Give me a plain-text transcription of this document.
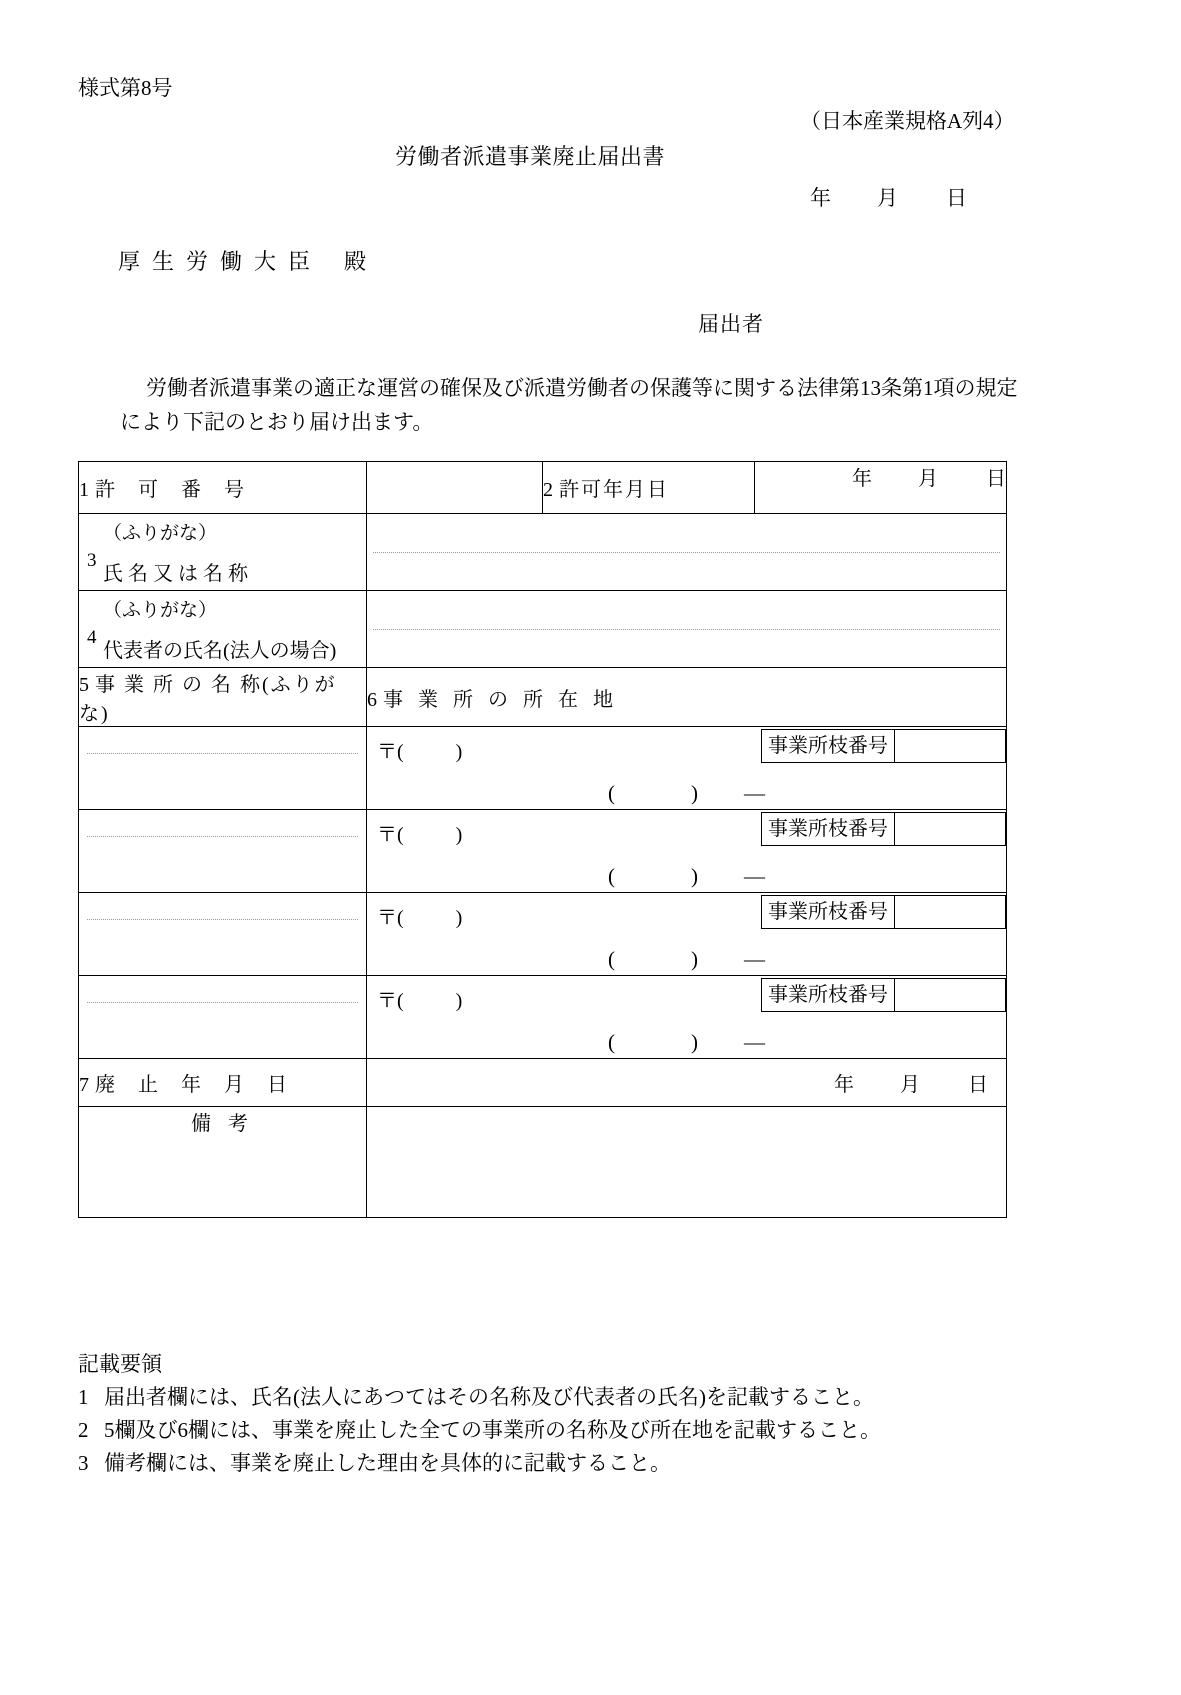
様式第8号
（日本産業規格A列4）
労働者派遣事業廃止届出書
年 月 日
厚生労働大臣 殿
届出者
労働者派遣事業の適正な運営の確保及び派遣労働者の保護等に関する法律第13条第1項の規定
により下記のとおり届け出ます。
1 許 可 番 号		2 許可年月日	年 月 日

（ふりがな）
3
氏 名 又 は 名 称			

（ふりがな）
4
代表者の氏名(法人の場合)			

5 事 業 所 の 名 称(ふりがな)	6 事 業 所 の 所 在 地		

	〒( ) 事業所枝番号
( ) —		

	〒( ) 事業所枝番号
( ) —		

	〒( ) 事業所枝番号
( ) —		

	〒( ) 事業所枝番号
( ) —		

7 廃 止 年 月 日	年 月 日		
備 考			
記載要領
1 届出者欄には、氏名(法人にあつてはその名称及び代表者の氏名)を記載すること。
2 5欄及び6欄には、事業を廃止した全ての事業所の名称及び所在地を記載すること。
3 備考欄には、事業を廃止した理由を具体的に記載すること。
